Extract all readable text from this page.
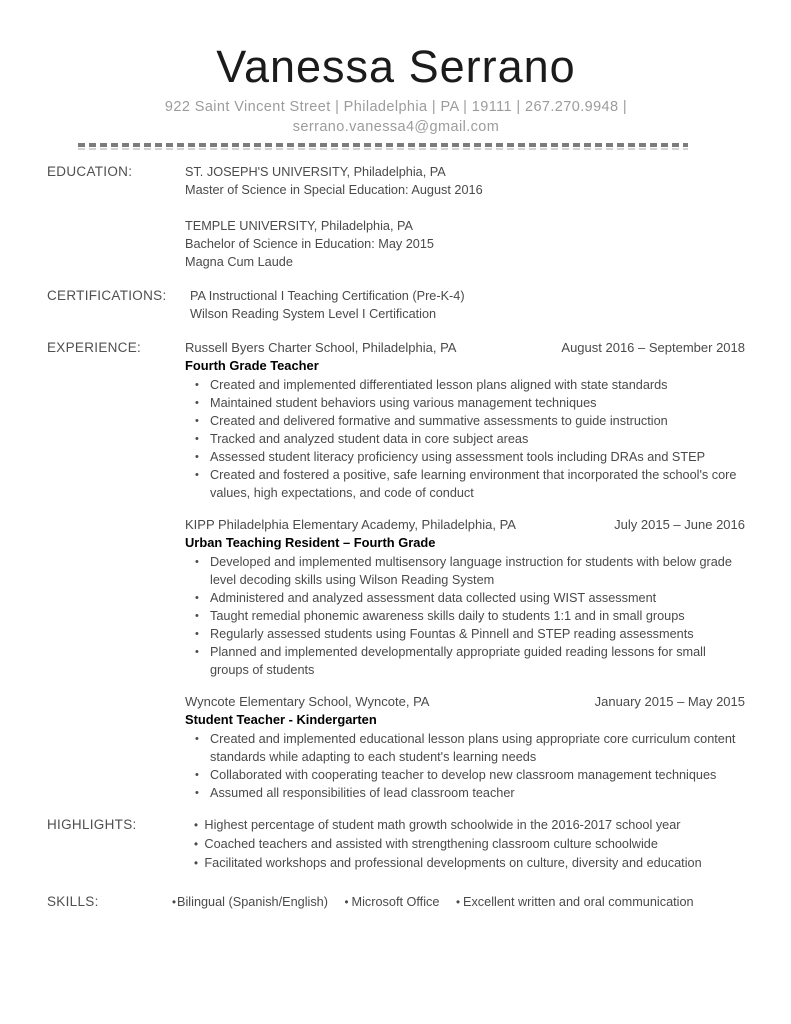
Vanessa Serrano
922 Saint Vincent Street | Philadelphia | PA | 19111 | 267.270.9948 |
serrano.vanessa4@gmail.com
EDUCATION:	ST. JOSEPH'S UNIVERSITY, Philadelphia, PA
Master of Science in Special Education: August 2016
TEMPLE UNIVERSITY, Philadelphia, PA
Bachelor of Science in Education: May 2015
Magna Cum Laude
CERTIFICATIONS:	PA Instructional I Teaching Certification (Pre-K-4)
Wilson Reading System Level I Certification
EXPERIENCE:	Russell Byers Charter School, Philadelphia, PA	August 2016 – September 2018
Fourth Grade Teacher
• Created and implemented differentiated lesson plans aligned with state standards
• Maintained student behaviors using various management techniques
• Created and delivered formative and summative assessments to guide instruction
• Tracked and analyzed student data in core subject areas
• Assessed student literacy proficiency using assessment tools including DRAs and STEP
• Created and fostered a positive, safe learning environment that incorporated the school's core values, high expectations, and code of conduct
KIPP Philadelphia Elementary Academy, Philadelphia, PA	July 2015 – June 2016
Urban Teaching Resident – Fourth Grade
• Developed and implemented multisensory language instruction for students with below grade level decoding skills using Wilson Reading System
• Administered and analyzed assessment data collected using WIST assessment
• Taught remedial phonemic awareness skills daily to students 1:1 and in small groups
• Regularly assessed students using Fountas & Pinnell and STEP reading assessments
• Planned and implemented developmentally appropriate guided reading lessons for small groups of students
Wyncote Elementary School, Wyncote, PA	January 2015 – May 2015
Student Teacher - Kindergarten
• Created and implemented educational lesson plans using appropriate core curriculum content standards while adapting to each student's learning needs
• Collaborated with cooperating teacher to develop new classroom management techniques
• Assumed all responsibilities of lead classroom teacher
HIGHLIGHTS:	•  Highest percentage of student math growth schoolwide in the 2016-2017 school year
•  Coached teachers and assisted with strengthening classroom culture schoolwide
•  Facilitated workshops and professional developments on culture, diversity and education
SKILLS:	•Bilingual (Spanish/English) • Microsoft Office • Excellent written and oral communication
